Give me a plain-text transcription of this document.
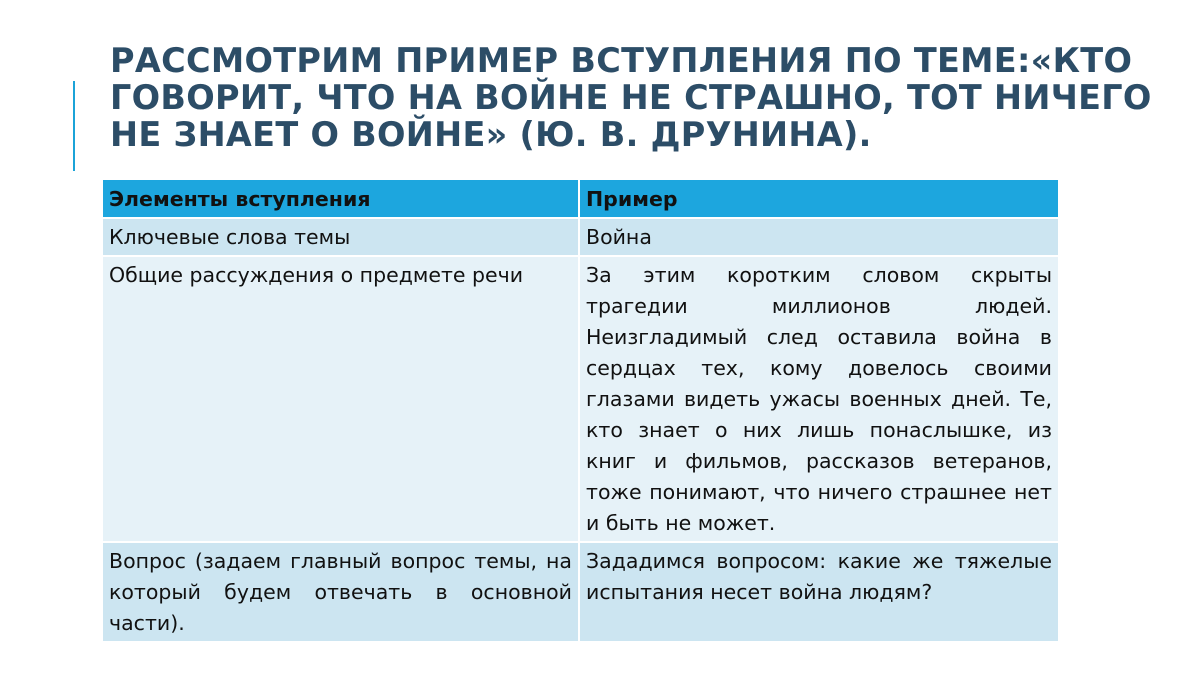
РАССМОТРИМ ПРИМЕР ВСТУПЛЕНИЯ ПО ТЕМЕ:«КТО ГОВОРИТ, ЧТО НА ВОЙНЕ НЕ СТРАШНО, ТОТ НИЧЕГО НЕ ЗНАЕТ О ВОЙНЕ» (Ю. В. ДРУНИНА).
Элементы вступления	Пример
Ключевые слова темы	Война
Общие рассуждения о предмете речи	За этим коротким словом скрыты трагедии миллионов людей. Неизгладимый след оставила война в сердцах тех, кому довелось своими глазами видеть ужасы военных дней. Те, кто знает о них лишь понаслышке, из книг и фильмов, рассказов ветеранов, тоже понимают, что ничего страшнее нет и быть не может.
Вопрос (задаем главный вопрос темы, на который будем отвечать в основной части).	Зададимся вопросом: какие же тяжелые испытания несет война людям?
